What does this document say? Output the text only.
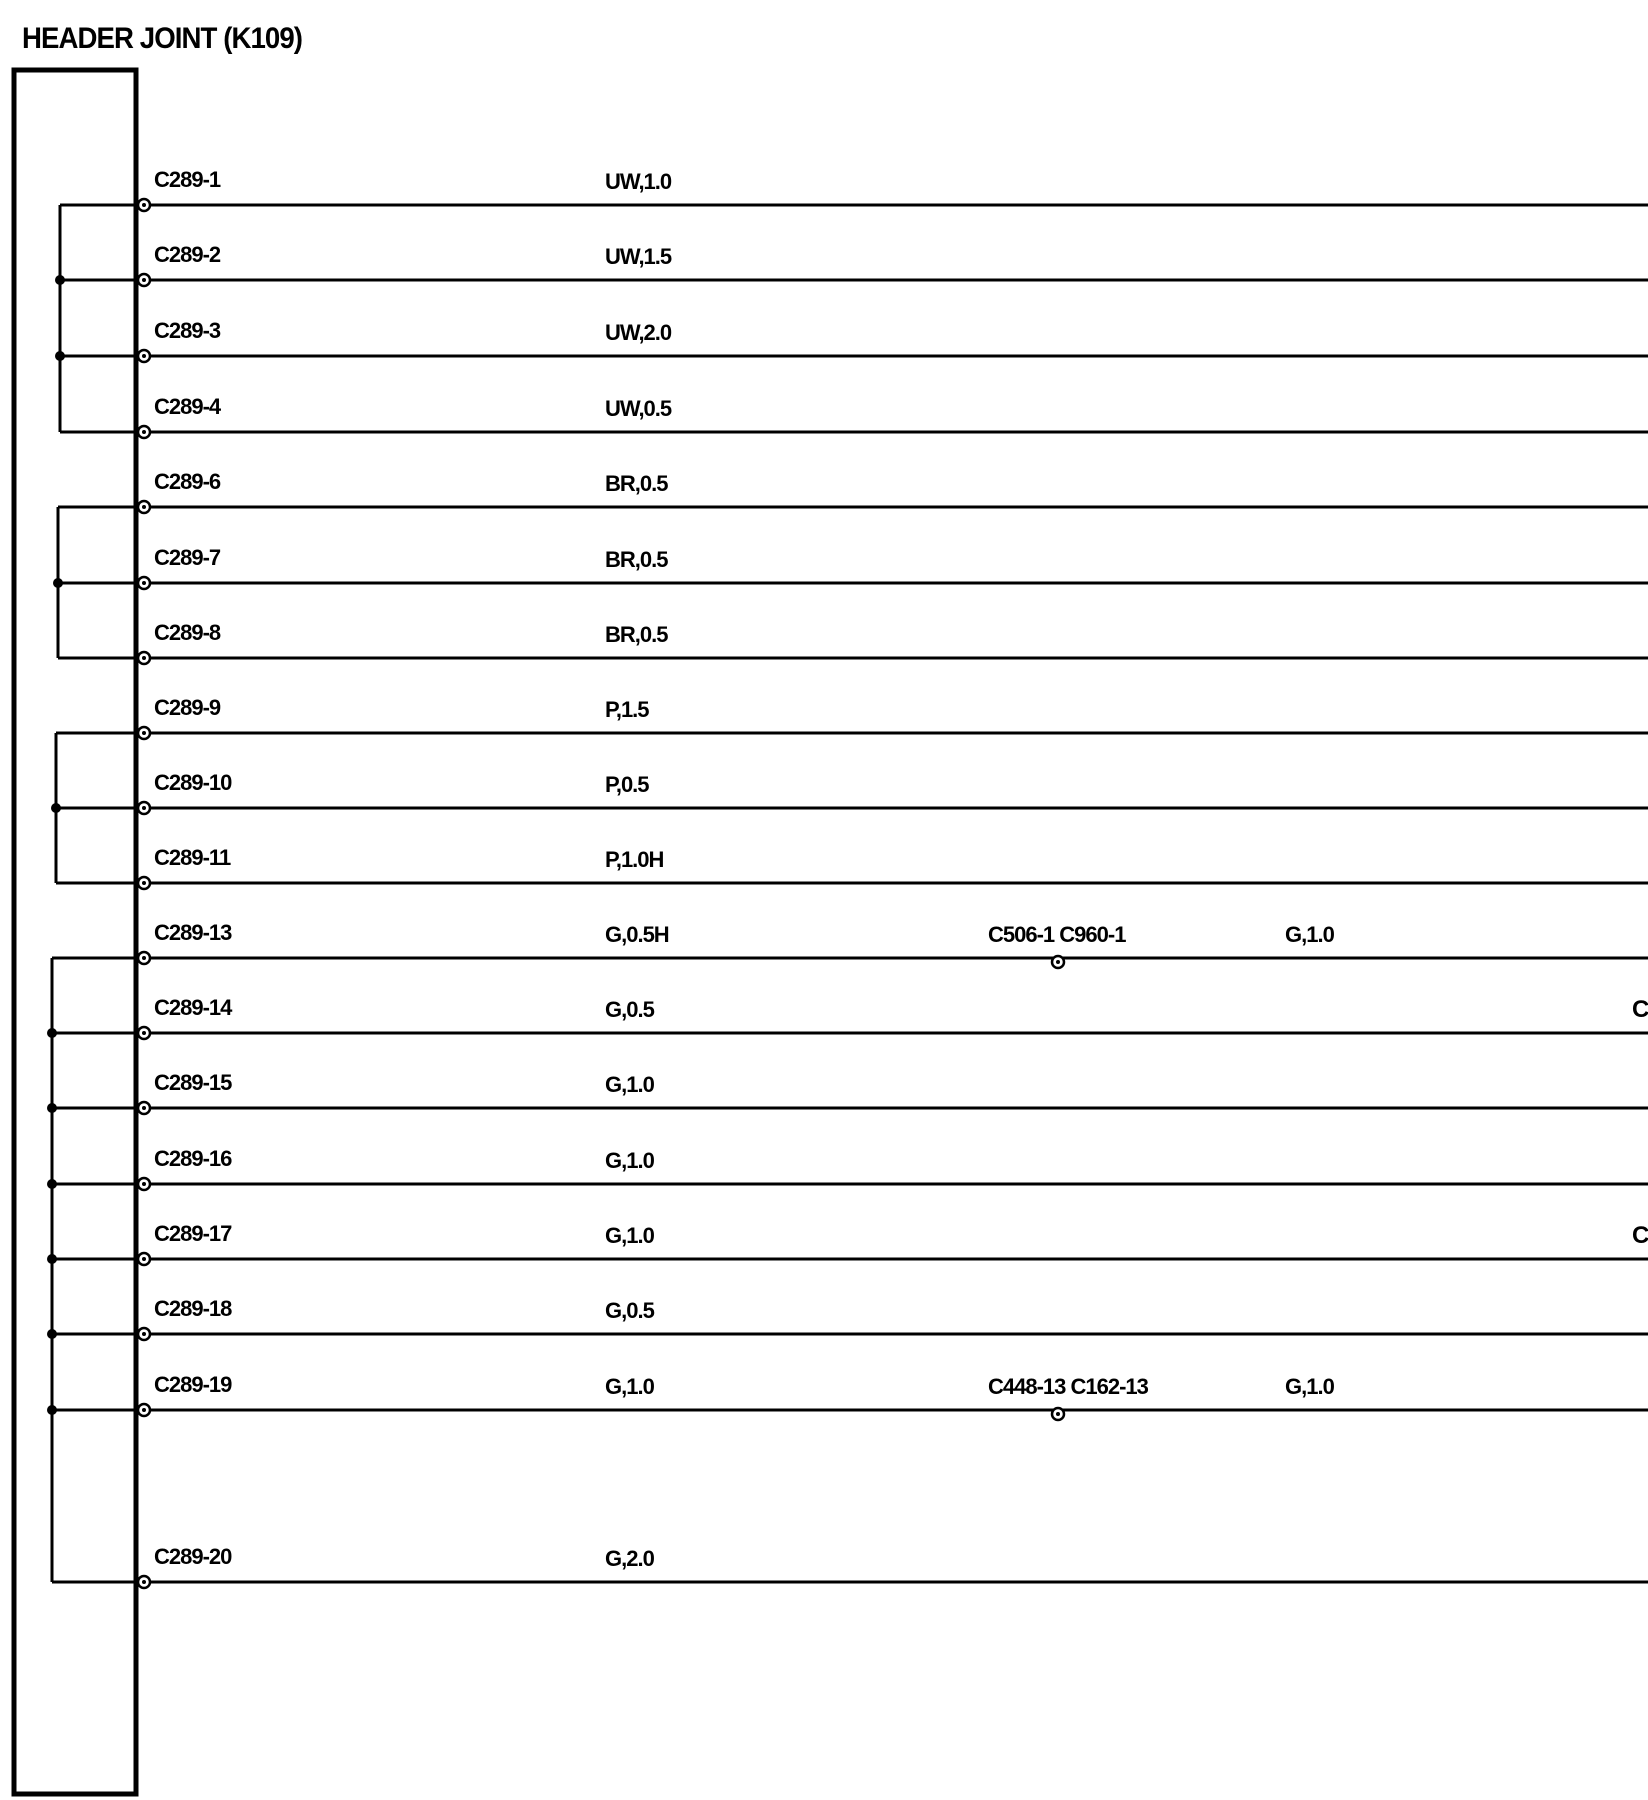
HEADER JOINT (K109)
C289-1	UW,1.0
C289-2	UW,1.5
C289-3	UW,2.0
C289-4	UW,0.5
C289-6	BR,0.5
C289-7	BR,0.5
C289-8	BR,0.5
C289-9	P,1.5
C289-10	P,0.5
C289-11	P,1.0H
C289-13	G,0.5H	C506-1 C960-1	G,1.0
C289-14	G,0.5	C
C289-15	G,1.0
C289-16	G,1.0
C289-17	G,1.0	C
C289-18	G,0.5
C289-19	G,1.0	C448-13 C162-13	G,1.0
C289-20	G,2.0
